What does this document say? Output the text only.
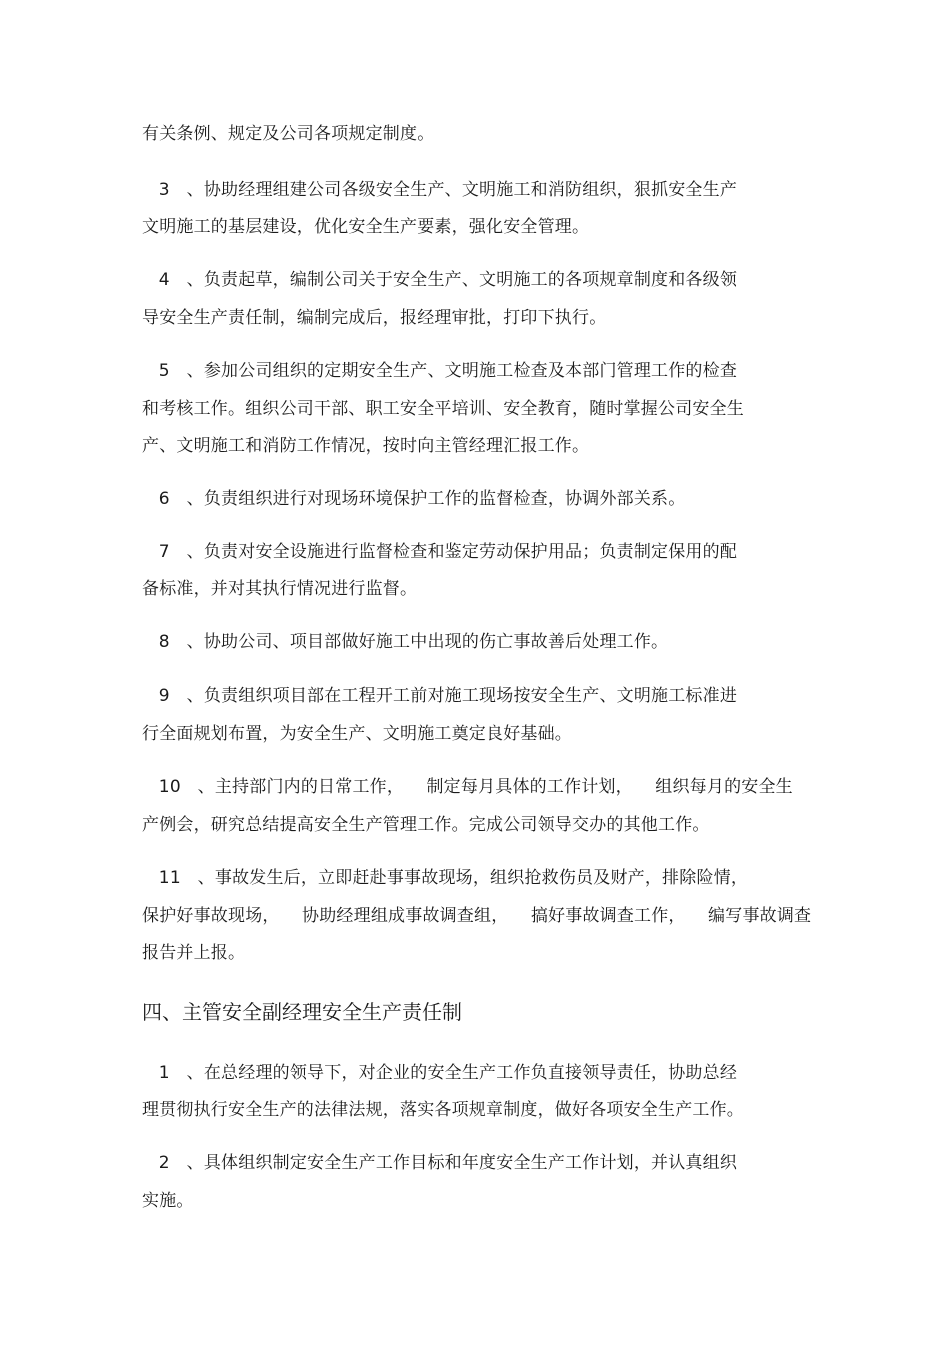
有关条例、规定及公司各项规定制度。
3   、协助经理组建公司各级安全生产、文明施工和消防组织，狠抓安全生产
文明施工的基层建设，优化安全生产要素，强化安全管理。
4   、负责起草，编制公司关于安全生产、文明施工的各项规章制度和各级领
导安全生产责任制，编制完成后，报经理审批，打印下执行。
5   、参加公司组织的定期安全生产、文明施工检查及本部门管理工作的检查
和考核工作。组织公司干部、职工安全平培训、安全教育，随时掌握公司安全生
产、文明施工和消防工作情况，按时向主管经理汇报工作。
6   、负责组织进行对现场环境保护工作的监督检查，协调外部关系。
7   、负责对安全设施进行监督检查和鉴定劳动保护用品；负责制定保用的配
备标准，并对其执行情况进行监督。
8   、协助公司、项目部做好施工中出现的伤亡事故善后处理工作。
9   、负责组织项目部在工程开工前对施工现场按安全生产、文明施工标准进
行全面规划布置，为安全生产、文明施工奠定良好基础。
10   、主持部门内的日常工作，    制定每月具体的工作计划，    组织每月的安全生
产例会，研究总结提高安全生产管理工作。完成公司领导交办的其他工作。
11   、事故发生后，立即赶赴事事故现场，组织抢救伤员及财产，排除险情，
保护好事故现场，    协助经理组成事故调查组，    搞好事故调查工作，    编写事故调查
报告并上报。
四、主管安全副经理安全生产责任制
1   、在总经理的领导下，对企业的安全生产工作负直接领导责任，协助总经
理贯彻执行安全生产的法律法规，落实各项规章制度，做好各项安全生产工作。
2   、具体组织制定安全生产工作目标和年度安全生产工作计划，并认真组织
实施。
